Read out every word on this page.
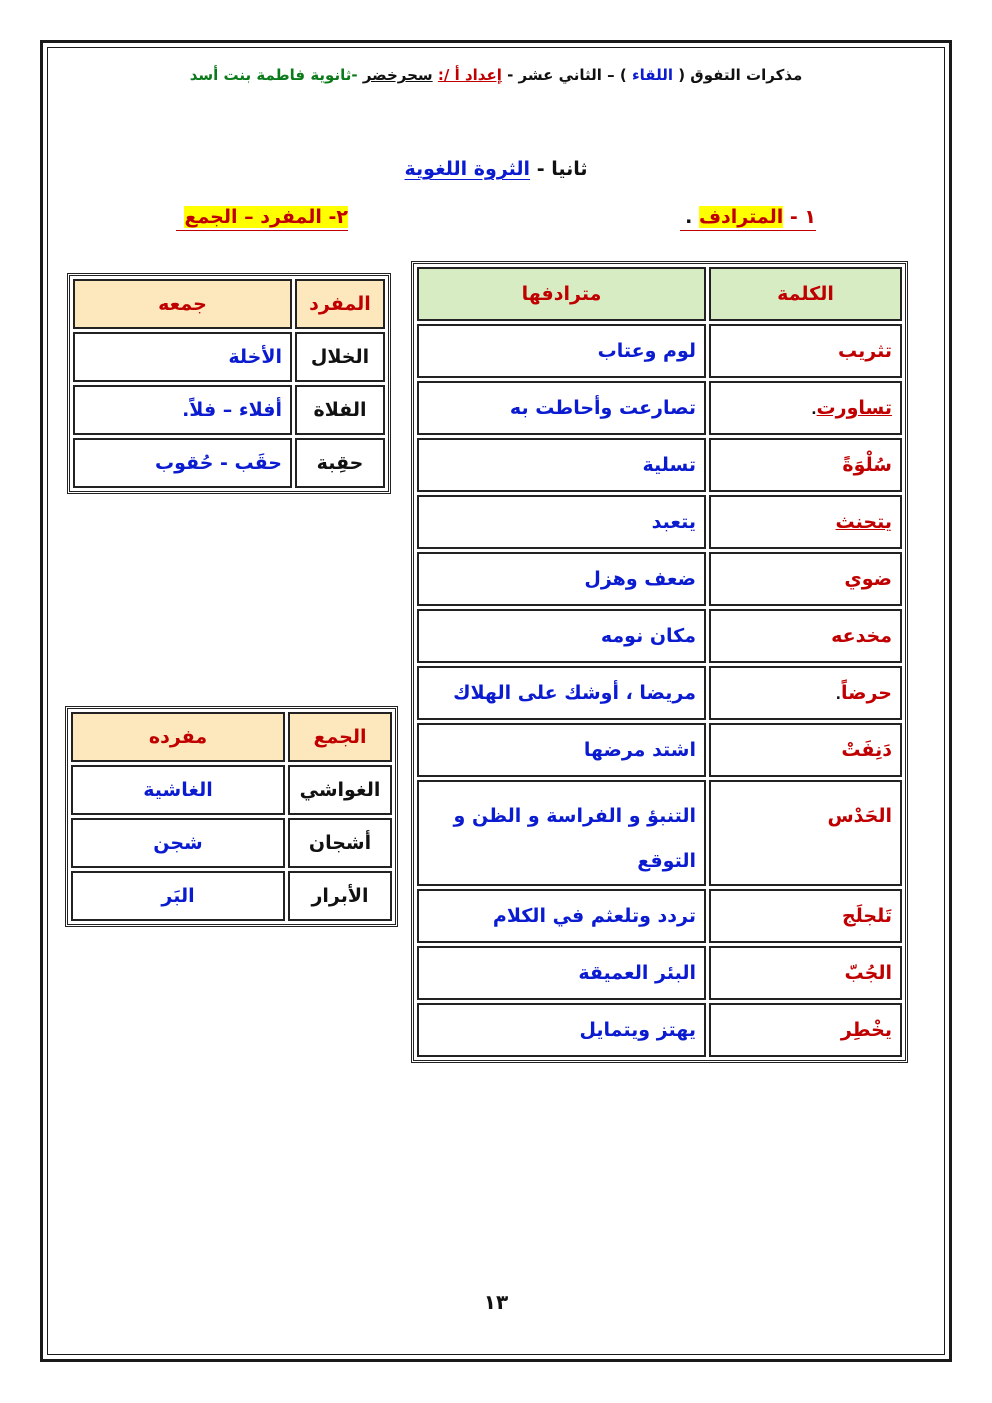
مذكرات التفوق ( اللقاء ) – الثاني عشر - إعداد أ /: سحرخضر -ثانوية فاطمة بنت أسد
ثانيا - الثروة اللغوية
١ - المترادف .
٢- المفرد – الجمع
الكلمة	مترادفها
تثريب	لوم وعتاب
تساورت.	تصارعت وأحاطت به
سُلْوَةً	تسلية
يتحنث	يتعبد
ضوي	ضعف وهزل
مخدعه	مكان نومه
حرضاً.	مريضا ، أوشك على الهلاك
دَنِفَتْ	اشتد مرضها
الحَدْس	التنبؤ و الفراسة و الظن و التوقع
تَلجلَج	تردد وتلعثم في الكلام
الجُبّ	البئر العميقة
يخْطِر	يهتز ويتمايل
المفرد	جمعه
الخلال	الأخلة
الفلاة	أفلاء – فلاً.
حقِبة	حقَب - حُقوب
الجمع	مفرده
الغواشي	الغاشية
أشجان	شجن
الأبرار	البَر
١٣
